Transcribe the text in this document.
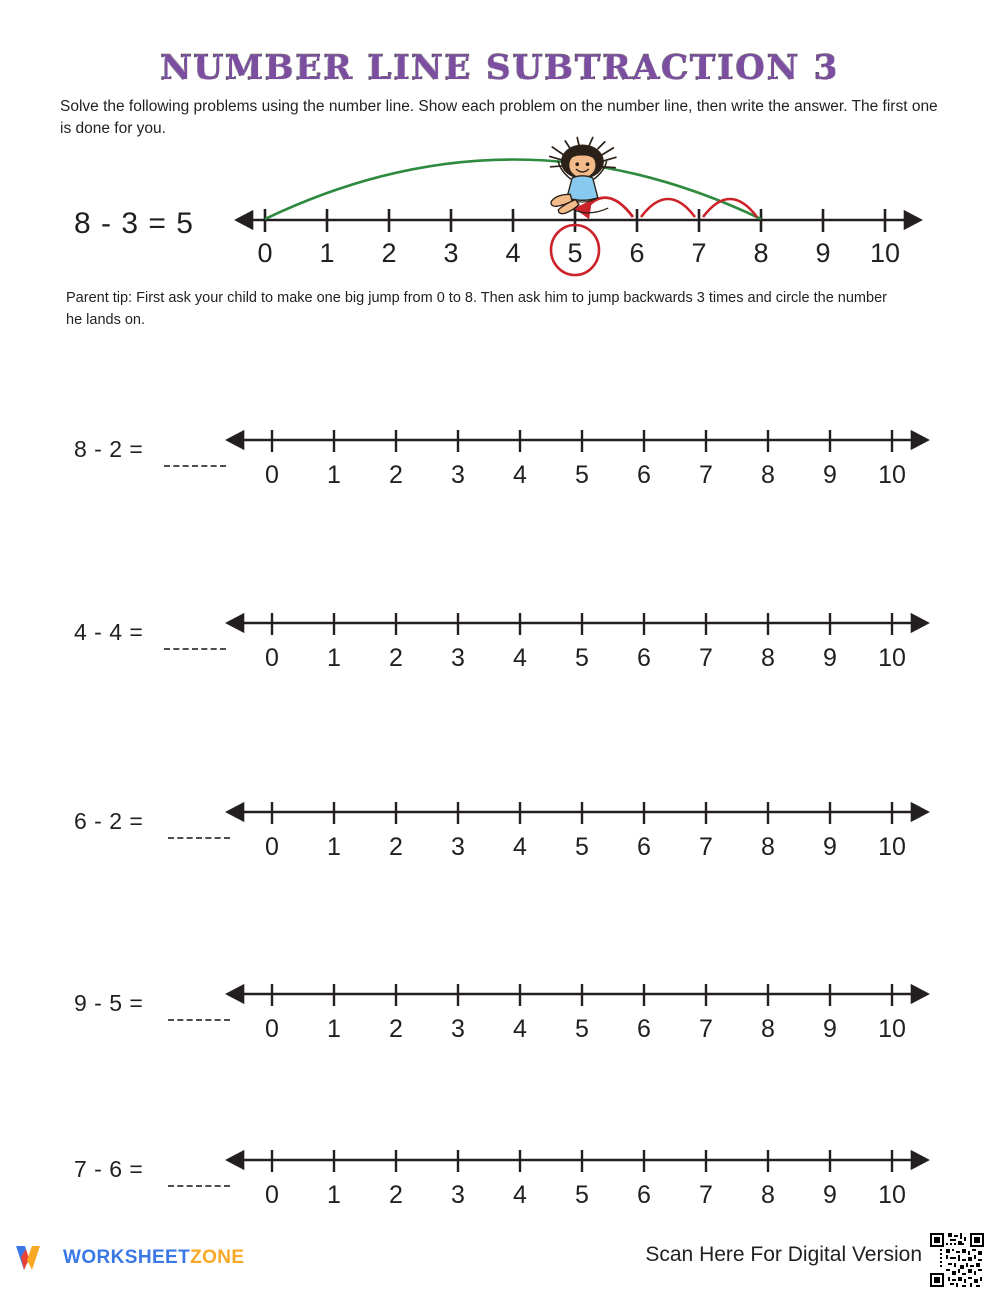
NUMBER LINE SUBTRACTION 3
Solve the following problems using the number line. Show each problem on the number line, then write the answer. The first one is done for you.
8 - 3 = 5
Parent tip: First ask your child to make one big jump from 0 to 8. Then ask him to jump backwards 3 times and circle the number he lands on.
8 - 2 =
4 - 4 =
6 - 2 =
9 - 5 =
7 - 6 =
0 1 2 3 4 5 6 7 8 9 10
0 1 2 3 4 5 6 7 8 9 10
0 1 2 3 4 5 6 7 8 9 10
0 1 2 3 4 5 6 7 8 9 10
0 1 2 3 4 5 6 7 8 9 10
0 1 2 3 4 5 6 7 8 9 10
WORKSHEETZONE	Scan Here For Digital Version
